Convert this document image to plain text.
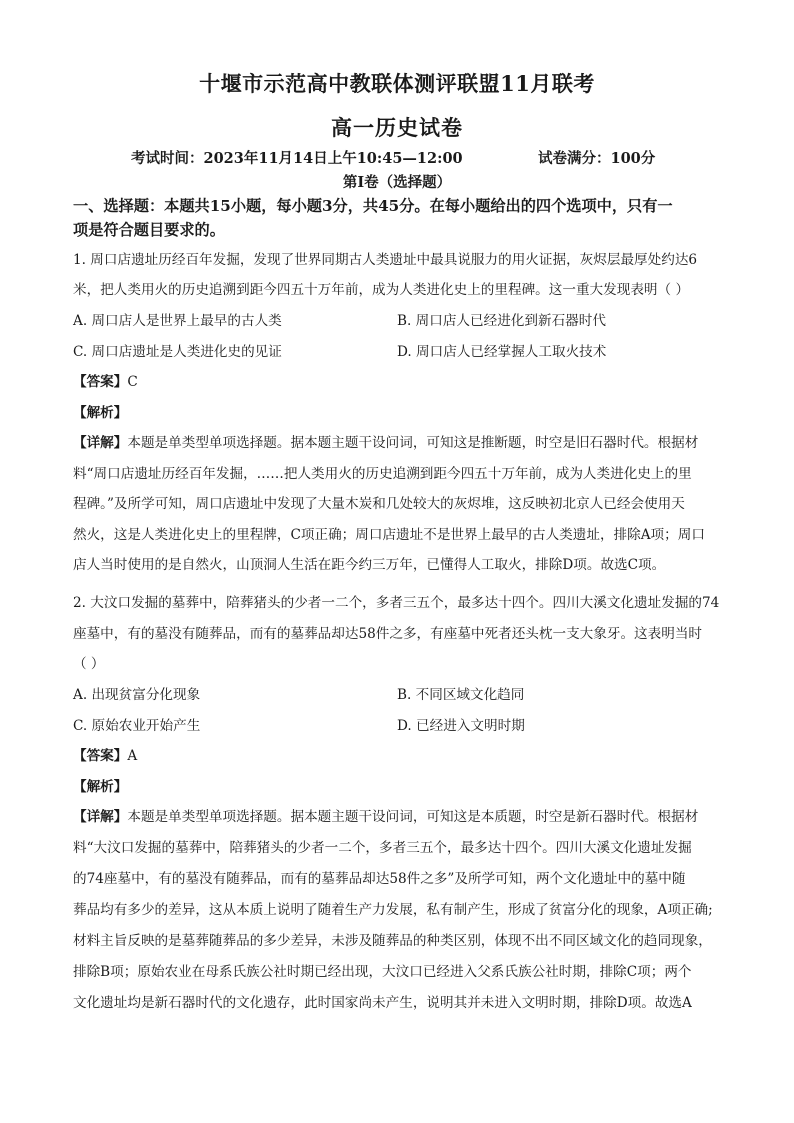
十堰市示范高中教联体测评联盟11月联考
高一历史试卷
考试时间：2023年11月14日上午10:45—12:00	试卷满分：100分
第Ⅰ卷（选择题）
一、选择题：本题共15小题，每小题3分，共45分。在每小题给出的四个选项中，只有一
项是符合题目要求的。
1. 周口店遗址历经百年发掘，发现了世界同期古人类遗址中最具说服力的用火证据，灰烬层最厚处约达6
米，把人类用火的历史追溯到距今四五十万年前，成为人类进化史上的里程碑。这一重大发现表明（ ）
A. 周口店人是世界上最早的古人类	B. 周口店人已经进化到新石器时代
C. 周口店遗址是人类进化史的见证	D. 周口店人已经掌握人工取火技术
【答案】C
【解析】
【详解】本题是单类型单项选择题。据本题主题干设问词，可知这是推断题，时空是旧石器时代。根据材
料“周口店遗址历经百年发掘，……把人类用火的历史追溯到距今四五十万年前，成为人类进化史上的里
程碑。”及所学可知，周口店遗址中发现了大量木炭和几处较大的灰烬堆，这反映初北京人已经会使用天
然火，这是人类进化史上的里程牌，C项正确；周口店遗址不是世界上最早的古人类遗址，排除A项；周口
店人当时使用的是自然火，山顶洞人生活在距今约三万年，已懂得人工取火，排除D项。故选C项。
2. 大汶口发掘的墓葬中，陪葬猪头的少者一二个，多者三五个，最多达十四个。四川大溪文化遗址发掘的74
座墓中，有的墓没有随葬品，而有的墓葬品却达58件之多，有座墓中死者还头枕一支大象牙。这表明当时
（ ）
A. 出现贫富分化现象	B. 不同区域文化趋同
C. 原始农业开始产生	D. 已经进入文明时期
【答案】A
【解析】
【详解】本题是单类型单项选择题。据本题主题干设问词，可知这是本质题，时空是新石器时代。根据材
料“大汶口发掘的墓葬中，陪葬猪头的少者一二个，多者三五个，最多达十四个。四川大溪文化遗址发掘
的74座墓中，有的墓没有随葬品，而有的墓葬品却达58件之多”及所学可知，两个文化遗址中的墓中随
葬品均有多少的差异，这从本质上说明了随着生产力发展，私有制产生，形成了贫富分化的现象，A项正确;
材料主旨反映的是墓葬随葬品的多少差异，未涉及随葬品的种类区别，体现不出不同区域文化的趋同现象，
排除B项；原始农业在母系氏族公社时期已经出现，大汶口已经进入父系氏族公社时期，排除C项；两个
文化遗址均是新石器时代的文化遗存，此时国家尚未产生，说明其并未进入文明时期，排除D项。故选A
